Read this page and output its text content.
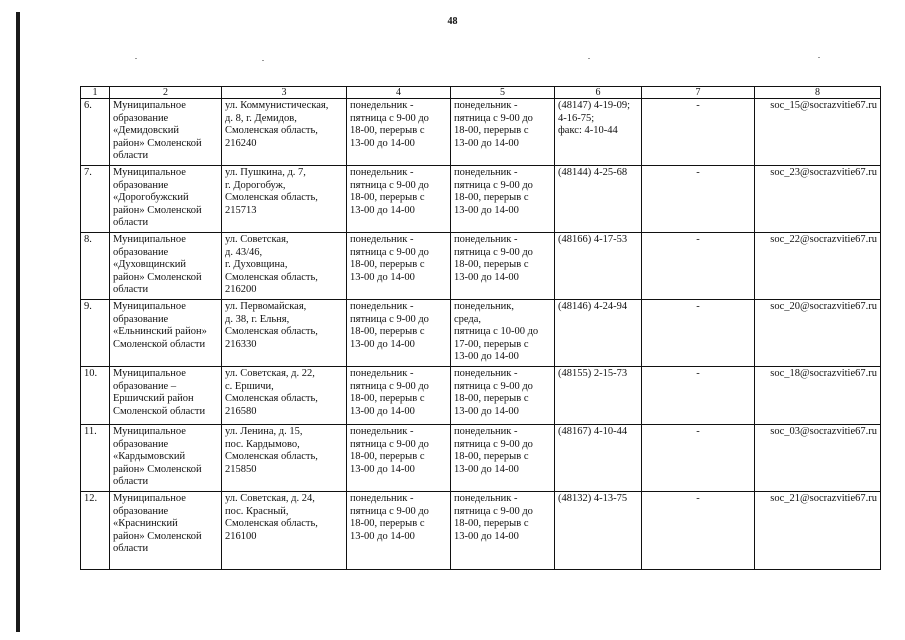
48
1	2	3	4	5	6	7	8
6.	Муниципальное
образование
«Демидовский
район» Смоленской
области	ул. Коммунистическая,
д. 8, г. Демидов,
Смоленская область,
216240	понедельник -
пятница с 9-00 до
18-00, перерыв с
13-00 до 14-00	понедельник -
пятница с 9-00 до
18-00, перерыв с
13-00 до 14-00	(48147) 4-19-09;
4-16-75;
факс: 4-10-44	-	soc_15@socrazvitie67.ru
7.	Муниципальное
образование
«Дорогобужский
район» Смоленской
области	ул. Пушкина, д. 7,
г. Дорогобуж,
Смоленская область,
215713	понедельник -
пятница с 9-00 до
18-00, перерыв с
13-00 до 14-00	понедельник -
пятница с 9-00 до
18-00, перерыв с
13-00 до 14-00	(48144) 4-25-68	-	soc_23@socrazvitie67.ru
8.	Муниципальное
образование
«Духовщинский
район» Смоленской
области	ул. Советская,
д. 43/46,
г. Духовщина,
Смоленская область,
216200	понедельник -
пятница с 9-00 до
18-00, перерыв с
13-00 до 14-00	понедельник -
пятница с 9-00 до
18-00, перерыв с
13-00 до 14-00	(48166) 4-17-53	-	soc_22@socrazvitie67.ru
9.	Муниципальное
образование
«Ельнинский район»
Смоленской области	ул. Первомайская,
д. 38, г. Ельня,
Смоленская область,
216330	понедельник -
пятница с 9-00 до
18-00, перерыв с
13-00 до 14-00	понедельник,
среда,
пятница с 10-00 до
17-00, перерыв с
13-00 до 14-00	(48146) 4-24-94	-	soc_20@socrazvitie67.ru
10.	Муниципальное
образование –
Ершичский район
Смоленской области	ул. Советская, д. 22,
с. Ершичи,
Смоленская область,
216580	понедельник -
пятница с 9-00 до
18-00, перерыв с
13-00 до 14-00	понедельник -
пятница с 9-00 до
18-00, перерыв с
13-00 до 14-00	(48155) 2-15-73	-	soc_18@socrazvitie67.ru
11.	Муниципальное
образование
«Кардымовский
район» Смоленской
области	ул. Ленина, д. 15,
пос. Кардымово,
Смоленская область,
215850	понедельник -
пятница с 9-00 до
18-00, перерыв с
13-00 до 14-00	понедельник -
пятница с 9-00 до
18-00, перерыв с
13-00 до 14-00	(48167) 4-10-44	-	soc_03@socrazvitie67.ru
12.	Муниципальное
образование
«Краснинский
район» Смоленской
области	ул. Советская, д. 24,
пос. Красный,
Смоленская область,
216100	понедельник -
пятница с 9-00 до
18-00, перерыв с
13-00 до 14-00	понедельник -
пятница с 9-00 до
18-00, перерыв с
13-00 до 14-00	(48132) 4-13-75	-	soc_21@socrazvitie67.ru
